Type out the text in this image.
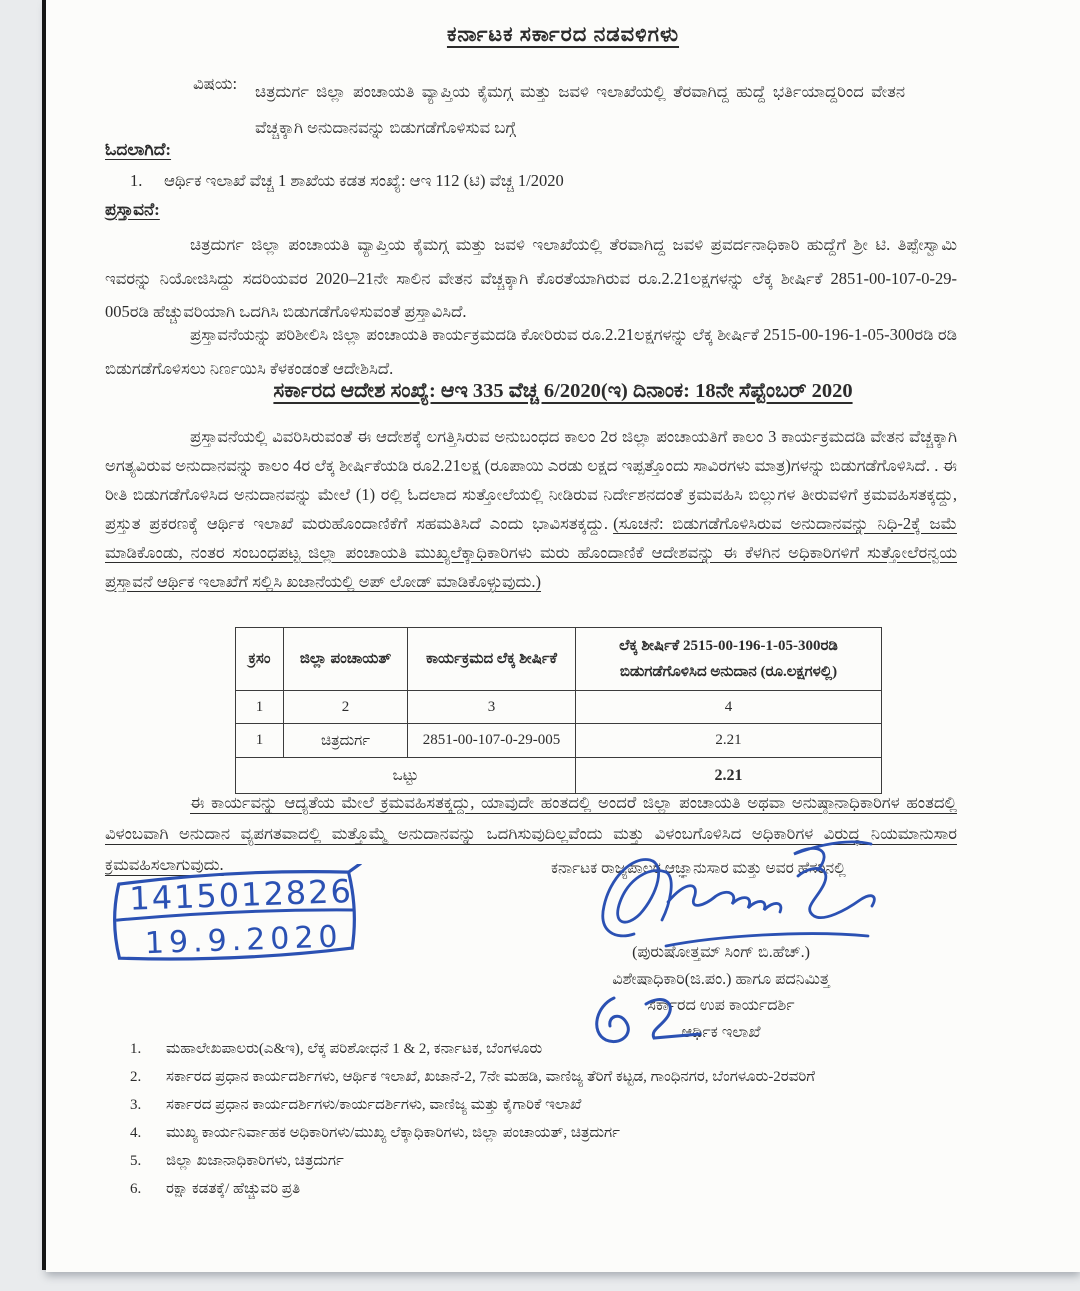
ಕರ್ನಾಟಕ ಸರ್ಕಾರದ ನಡವಳಿಗಳು
ವಿಷಯ: ಚಿತ್ರದುರ್ಗ ಜಿಲ್ಲಾ ಪಂಚಾಯತಿ ವ್ಯಾಪ್ತಿಯ ಕೈಮಗ್ಗ ಮತ್ತು ಜವಳಿ ಇಲಾಖೆಯಲ್ಲಿ ತೆರವಾಗಿದ್ದ ಹುದ್ದೆ ಭರ್ತಿಯಾದ್ದರಿಂದ ವೇತನ ವೆಚ್ಚಕ್ಕಾಗಿ ಅನುದಾನವನ್ನು ಬಿಡುಗಡೆಗೊಳಿಸುವ ಬಗ್ಗೆ
ಓದಲಾಗಿದೆ:
1. ಆರ್ಥಿಕ ಇಲಾಖೆ ವೆಚ್ಚ 1 ಶಾಖೆಯ ಕಡತ ಸಂಖ್ಯೆ: ಆಇ 112 (ಟಿ) ವೆಚ್ಚ 1/2020
ಪ್ರಸ್ತಾವನೆ:
ಚಿತ್ರದುರ್ಗ ಜಿಲ್ಲಾ ಪಂಚಾಯತಿ ವ್ಯಾಪ್ತಿಯ ಕೈಮಗ್ಗ ಮತ್ತು ಜವಳಿ ಇಲಾಖೆಯಲ್ಲಿ ತೆರವಾಗಿದ್ದ ಜವಳಿ ಪ್ರವರ್ದನಾಧಿಕಾರಿ ಹುದ್ದೆಗೆ ಶ್ರೀ ಟಿ. ತಿಪ್ಪೇಸ್ವಾಮಿ ಇವರನ್ನು ನಿಯೋಜಿಸಿದ್ದು ಸದರಿಯವರ 2020–21ನೇ ಸಾಲಿನ ವೇತನ ವೆಚ್ಚಕ್ಕಾಗಿ ಕೊರತೆಯಾಗಿರುವ ರೂ.2.21ಲಕ್ಷಗಳನ್ನು ಲೆಕ್ಕ ಶೀರ್ಷಿಕೆ 2851-00-107-0-29-005ರಡಿ ಹೆಚ್ಚುವರಿಯಾಗಿ ಒದಗಿಸಿ ಬಿಡುಗಡೆಗೊಳಿಸುವಂತೆ ಪ್ರಸ್ತಾವಿಸಿದೆ.
ಪ್ರಸ್ತಾವನೆಯನ್ನು ಪರಿಶೀಲಿಸಿ ಜಿಲ್ಲಾ ಪಂಚಾಯತಿ ಕಾರ್ಯಕ್ರಮದಡಿ ಕೋರಿರುವ ರೂ.2.21ಲಕ್ಷಗಳನ್ನು ಲೆಕ್ಕ ಶೀರ್ಷಿಕೆ 2515-00-196-1-05-300ರಡಿ ರಡಿ ಬಿಡುಗಡೆಗೊಳಿಸಲು ನಿರ್ಣಯಿಸಿ ಕೆಳಕಂಡಂತೆ ಆದೇಶಿಸಿದೆ.
ಸರ್ಕಾರದ ಆದೇಶ ಸಂಖ್ಯೆ: ಆಇ 335 ವೆಚ್ಚ 6/2020(ಇ) ದಿನಾಂಕ: 18ನೇ ಸೆಪ್ಟೆಂಬರ್ 2020
ಪ್ರಸ್ತಾವನೆಯಲ್ಲಿ ವಿವರಿಸಿರುವಂತೆ ಈ ಆದೇಶಕ್ಕೆ ಲಗತ್ತಿಸಿರುವ ಅನುಬಂಧದ ಕಾಲಂ 2ರ ಜಿಲ್ಲಾ ಪಂಚಾಯತಿಗೆ ಕಾಲಂ 3 ಕಾರ್ಯಕ್ರಮದಡಿ ವೇತನ ವೆಚ್ಚಕ್ಕಾಗಿ ಅಗತ್ಯವಿರುವ ಅನುದಾನವನ್ನು ಕಾಲಂ 4ರ ಲೆಕ್ಕ ಶೀರ್ಷಿಕೆಯಡಿ ರೂ2.21ಲಕ್ಷ (ರೂಪಾಯಿ ಎರಡು ಲಕ್ಷದ ಇಪ್ಪತ್ತೊಂದು ಸಾವಿರಗಳು ಮಾತ್ರ)ಗಳನ್ನು ಬಿಡುಗಡೆಗೊಳಿಸಿದೆ. . ಈ ರೀತಿ ಬಿಡುಗಡೆಗೊಳಿಸಿದ ಅನುದಾನವನ್ನು ಮೇಲೆ (1) ರಲ್ಲಿ ಓದಲಾದ ಸುತ್ತೋಲೆಯಲ್ಲಿ ನೀಡಿರುವ ನಿರ್ದೇಶನದಂತೆ ಕ್ರಮವಹಿಸಿ ಬಿಲ್ಲುಗಳ ತೀರುವಳಿಗೆ ಕ್ರಮವಹಿಸತಕ್ಕದ್ದು, ಪ್ರಸ್ತುತ ಪ್ರಕರಣಕ್ಕೆ ಆರ್ಥಿಕ ಇಲಾಖೆ ಮರುಹೊಂದಾಣಿಕೆಗೆ ಸಹಮತಿಸಿದೆ ಎಂದು ಭಾವಿಸತಕ್ಕದ್ದು. (ಸೂಚನೆ: ಬಿಡುಗಡೆಗೊಳಿಸಿರುವ ಅನುದಾನವನ್ನು ನಿಧಿ-2ಕ್ಕೆ ಜಮೆ ಮಾಡಿಕೊಂಡು, ನಂತರ ಸಂಬಂಧಪಟ್ಟ ಜಿಲ್ಲಾ ಪಂಚಾಯತಿ ಮುಖ್ಯಲೆಕ್ಕಾಧಿಕಾರಿಗಳು ಮರು ಹೊಂದಾಣಿಕೆ ಆದೇಶವನ್ನು ಈ ಕೆಳಗಿನ ಅಧಿಕಾರಿಗಳಿಗೆ ಸುತ್ತೋಲೆರನ್ವಯ ಪ್ರಸ್ತಾವನೆ ಆರ್ಥಿಕ ಇಲಾಖೆಗೆ ಸಲ್ಲಿಸಿ ಖಜಾನೆಯಲ್ಲಿ ಅಪ್ ಲೋಡ್ ಮಾಡಿಕೊಳ್ಳುವುದು.)
ಕ್ರಸಂ	ಜಿಲ್ಲಾ ಪಂಚಾಯತ್	ಕಾರ್ಯಕ್ರಮದ ಲೆಕ್ಕ ಶೀರ್ಷಿಕೆ	ಲೆಕ್ಕ ಶೀರ್ಷಿಕೆ 2515-00-196-1-05-300ರಡಿ ಬಿಡುಗಡೆಗೊಳಿಸಿದ ಅನುದಾನ (ರೂ.ಲಕ್ಷಗಳಲ್ಲಿ)
1	2	3	4
1	ಚಿತ್ರದುರ್ಗ	2851-00-107-0-29-005	2.21
ಒಟ್ಟು			2.21
ಈ ಕಾರ್ಯವನ್ನು ಆದ್ಯತೆಯ ಮೇಲೆ ಕ್ರಮವಹಿಸತಕ್ಕದ್ದು, ಯಾವುದೇ ಹಂತದಲ್ಲಿ ಅಂದರೆ ಜಿಲ್ಲಾ ಪಂಚಾಯತಿ ಅಥವಾ ಅನುಷ್ಠಾನಾಧಿಕಾರಿಗಳ ಹಂತದಲ್ಲಿ ವಿಳಂಬವಾಗಿ ಅನುದಾನ ವ್ಯಪಗತವಾದಲ್ಲಿ ಮತ್ತೊಮ್ಮೆ ಅನುದಾನವನ್ನು ಒದಗಿಸುವುದಿಲ್ಲವೆಂದು ಮತ್ತು ವಿಳಂಬಗೊಳಿಸಿದ ಅಧಿಕಾರಿಗಳ ವಿರುದ್ಧ ನಿಯಮಾನುಸಾರ ಕ್ರಮವಹಿಸಲಾಗುವುದು.	ಕರ್ನಾಟಕ ರಾಜ್ಯಪಾಲರ ಆಜ್ಞಾನುಸಾರ ಮತ್ತು ಅವರ ಹೆಸರಿನಲ್ಲಿ
1415012826
19.9.2020	(ಪುರುಷೋತ್ತಮ್ ಸಿಂಗ್ ಬಿ.ಹೆಚ್.)
ವಿಶೇಷಾಧಿಕಾರಿ(ಜಿ.ಪಂ.) ಹಾಗೂ ಪದನಿಮಿತ್ತ
ಸರ್ಕಾರದ ಉಪ ಕಾರ್ಯದರ್ಶಿ
ಆರ್ಥಿಕ ಇಲಾಖೆ
1. ಮಹಾಲೇಖಪಾಲರು(ಎ&ಇ), ಲೆಕ್ಕ ಪರಿಶೋಧನೆ 1 & 2, ಕರ್ನಾಟಕ, ಬೆಂಗಳೂರು
2. ಸರ್ಕಾರದ ಪ್ರಧಾನ ಕಾರ್ಯದರ್ಶಿಗಳು, ಆರ್ಥಿಕ ಇಲಾಖೆ, ಖಜಾನೆ-2, 7ನೇ ಮಹಡಿ, ವಾಣಿಜ್ಯ ತೆರಿಗೆ ಕಟ್ಟಡ, ಗಾಂಧಿನಗರ, ಬೆಂಗಳೂರು-2ರವರಿಗೆ
3. ಸರ್ಕಾರದ ಪ್ರಧಾನ ಕಾರ್ಯದರ್ಶಿಗಳು/ಕಾರ್ಯದರ್ಶಿಗಳು, ವಾಣಿಜ್ಯ ಮತ್ತು ಕೈಗಾರಿಕೆ ಇಲಾಖೆ
4. ಮುಖ್ಯ ಕಾರ್ಯನಿರ್ವಾಹಕ ಅಧಿಕಾರಿಗಳು/ಮುಖ್ಯ ಲೆಕ್ಕಾಧಿಕಾರಿಗಳು, ಜಿಲ್ಲಾ ಪಂಚಾಯತ್, ಚಿತ್ರದುರ್ಗ
5. ಜಿಲ್ಲಾ ಖಜಾನಾಧಿಕಾರಿಗಳು, ಚಿತ್ರದುರ್ಗ
6. ರಕ್ಷಾ ಕಡತಕ್ಕೆ/ ಹೆಚ್ಚುವರಿ ಪ್ರತಿ
